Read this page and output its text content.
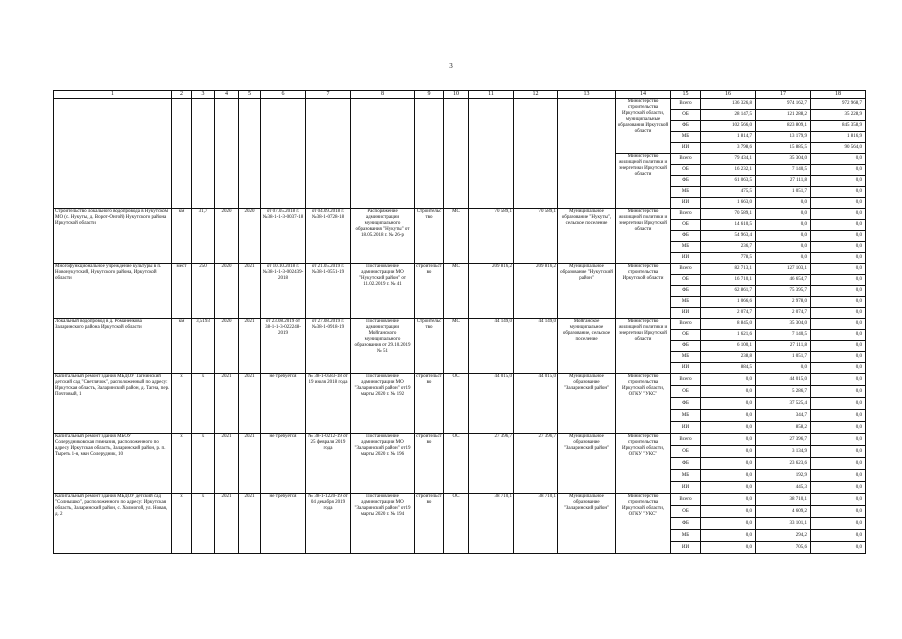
3
1	2	3	4	5	6	7	8	9	10	11	12	13	14	15	16	17	18
													Министерство строительства Иркутской области, муниципальные образования Иркутской области	Всего	136 326,8	974 162,7	972 968,7
														ОБ	28 147,5	121 288,2	35 228,9
														ФБ	102 566,0	823 809,1	845 358,9
														МБ	1 814,7	13 179,9	1 816,9
														ИИ	3 798,6	15 885,5	90 564,0
													Министерство жилищной политики и энергетики Иркутской области	Всего	79 434,1	35 304,0	0,0
														ОБ	16 232,1	7 140,5	0,0
														ФБ	61 063,5	27 111,8	0,0
														МБ	475,5	1 051,7	0,0
														ИИ	1 663,0	0,0	0,0
Строительство локального водопровода в Нукутском МО (с. Нукуты, д. Ворот-Онгой) Нукутского района Иркутской области	км	31,7	2020	2020	от 07.05.2018 г. №38-1-1-3-0037-18	от 04.09.2018 г. №38-1-0728-18	Распоряжение администрации муниципального образования "Нукуты" от 18.05.2018 г. № 26-р	Строительство	МС	70 589,1	70 589,1	Муниципальное образование "Нукуты", сельское поселение	Министерство жилищной политики и энергетики Иркутской области	Всего	70 589,1	0,0	0,0
														ОБ	14 610,5	0,0	0,0
														ФБ	54 963,4	0,0	0,0
														МБ	236,7	0,0	0,0
														ИИ	778,5	0,0	0,0
Многофункциональное учреждение культуры в п. Новонукутский, Нукутского района, Иркутской области	мест	250	2020	2021	от 10.10.2018 г. №38-1-1-3-002439-2018	от 21.05.2019 г. №38-1-0551-19	Постановление администрации МО "Нукутский район" от 11.02.2019 г. № 41	строительство	МС	209 816,2	209 816,2	Муниципальное образование "Нукутский район"	Министерство строительства Иркутской области	Всего	82 713,1	127 103,1	0,0
														ОБ	16 710,1	46 654,7	0,0
														ФБ	62 861,7	75 395,7	0,0
														МБ	1 066,6	2 978,0	0,0
														ИИ	2 074,7	2 074,7	0,0
Локальный водопровод в д. Романенкова Заларинского района Иркутской области	км	3,5193	2020	2021	от 23.08.2019 от 38-1-1-3-022248-2019	от 27.08.2019 г. №38-1-0918-19	Постановление администрации Мойганского муниципального образования от 29.10.2019 № 51	Строительство	МС	44 149,0	44 149,0	Мойганское муниципальное образование, сельское поселение	Министерство жилищной политики и энергетики Иркутской области	Всего	8 845,0	35 304,0	0,0
														ОБ	1 621,6	7 140,5	0,0
														ФБ	6 100,1	27 111,8	0,0
														МБ	238,8	1 051,7	0,0
														ИИ	884,5	0,0	0,0
Капитальный ремонт здания МБДОУ Тагнинский детский сад "Светлячок", расположенный по адресу: Иркутская область, Заларинский район, д. Тагна, пер. Почтовый, 1	х	х	2021	2021	не требуется	№ 38-1-0583-18 от 19 июля 2018 года	Постановление администрации МО "Заларинский район" от19 марты 2020 г. № 192	строительство	ОС	44 015,0	44 015,0	Муниципальное образование "Заларинский район"	Министерство строительства Иркутской области, ОГКУ "УКС"	Всего	0,0	44 015,0	0,0
														ОБ	0,0	5 286,7	0,0
														ФБ	0,0	37 525,4	0,0
														МБ	0,0	344,7	0,0
														ИИ	0,0	858,2	0,0
Капитальный ремонт здания МБОУ Солерудниковская гимназия, расположенного по адресу Иркутская область, Заларинский район, р. п. Тыреть 1-я, мкн Солерудник, 10	х	х	2021	2021	не требуется	№ 38-1-0212-19 от 25 февраля 2019 года	Постановление администрации МО "Заларинский район" от19 марты 2020 г. № 196	строительство	ОС	27 396,7	27 396,7	Муниципальное образование "Заларинский район"	Министерство строительства Иркутской области, ОГКУ "УКС"	Всего	0,0	27 396,7	0,0
														ОБ	0,0	3 134,9	0,0
														ФБ	0,0	23 623,6	0,0
														МБ	0,0	192,9	0,0
														ИИ	0,0	445,3	0,0
Капитальный ремонт здания МБДОУ детский сад "Солнышко", расположенного по адресу: Иркутская область, Заларинский район, с. Холмогой, ул. Новая, д. 2	х	х	2021	2021	не требуется	№ 38-1-1220-19 от 04 декабря 2019 года	Постановление администрации МО "Заларинский район" от19 марты 2020 г. № 194	строительство	ОС	38 710,1	38 710,1	Муниципальное образование "Заларинский район"	Министерство строительства Иркутской области, ОГКУ "УКС"	Всего	0,0	38 710,1	0,0
														ОБ	0,0	4 609,2	0,0
														ФБ	0,0	33 101,1	0,0
														МБ	0,0	294,2	0,0
														ИИ	0,0	705,6	0,0
